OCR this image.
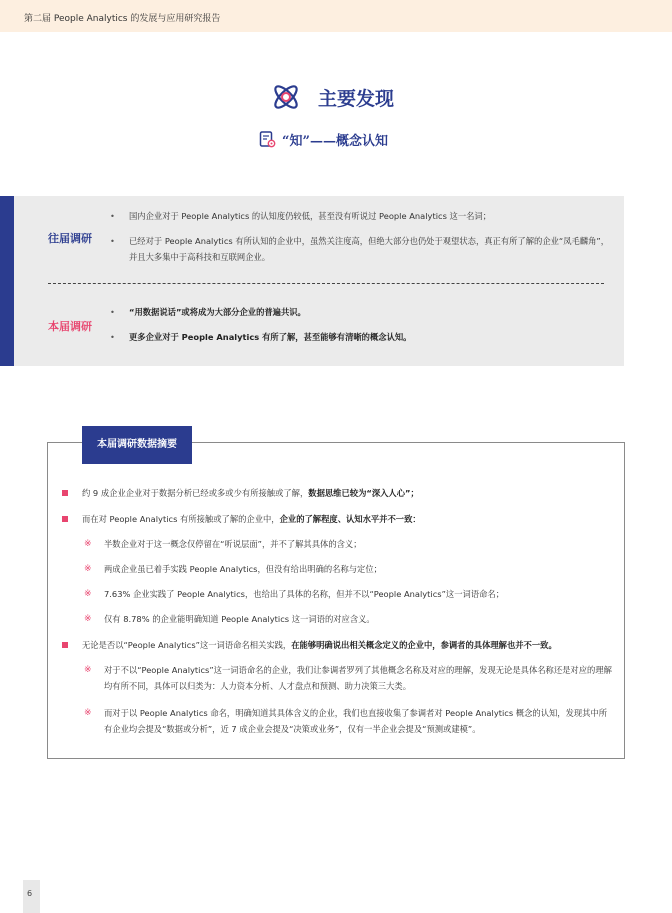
第二届 People Analytics 的发展与应用研究报告
主要发现
“知”——概念认知
往届调研
• 国内企业对于 People Analytics 的认知度仍较低，甚至没有听说过 People Analytics 这一名词；
• 已经对于 People Analytics 有所认知的企业中，虽然关注度高，但绝大部分也仍处于观望状态，真正有所了解的企业“凤毛麟角”，并且大多集中于高科技和互联网企业。
本届调研
• “用数据说话”或将成为大部分企业的普遍共识。
• 更多企业对于 People Analytics 有所了解，甚至能够有清晰的概念认知。
本届调研数据摘要
约 9 成企业企业对于数据分析已经或多或少有所接触或了解，数据思维已较为“深入人心”；
而在对 People Analytics 有所接触或了解的企业中，企业的了解程度、认知水平并不一致：
※ 半数企业对于这一概念仅停留在“听说层面”，并不了解其具体的含义；
※ 两成企业虽已着手实践 People Analytics，但没有给出明确的名称与定位；
※ 7.63% 企业实践了 People Analytics，也给出了具体的名称，但并不以“People Analytics”这一词语命名；
※ 仅有 8.78% 的企业能明确知道 People Analytics 这一词语的对应含义。
无论是否以“People Analytics”这一词语命名相关实践，在能够明确说出相关概念定义的企业中，参调者的具体理解也并不一致。
※ 对于不以“People Analytics”这一词语命名的企业，我们让参调者罗列了其他概念名称及对应的理解，发现无论是具体名称还是对应的理解均有所不同，具体可以归类为：人力资本分析、人才盘点和预测、助力决策三大类。
※ 而对于以 People Analytics 命名，明确知道其具体含义的企业，我们也直接收集了参调者对 People Analytics 概念的认知，发现其中所有企业均会提及“数据或分析”，近 7 成企业会提及“决策或业务”，仅有一半企业会提及“预测或建模”。
6
